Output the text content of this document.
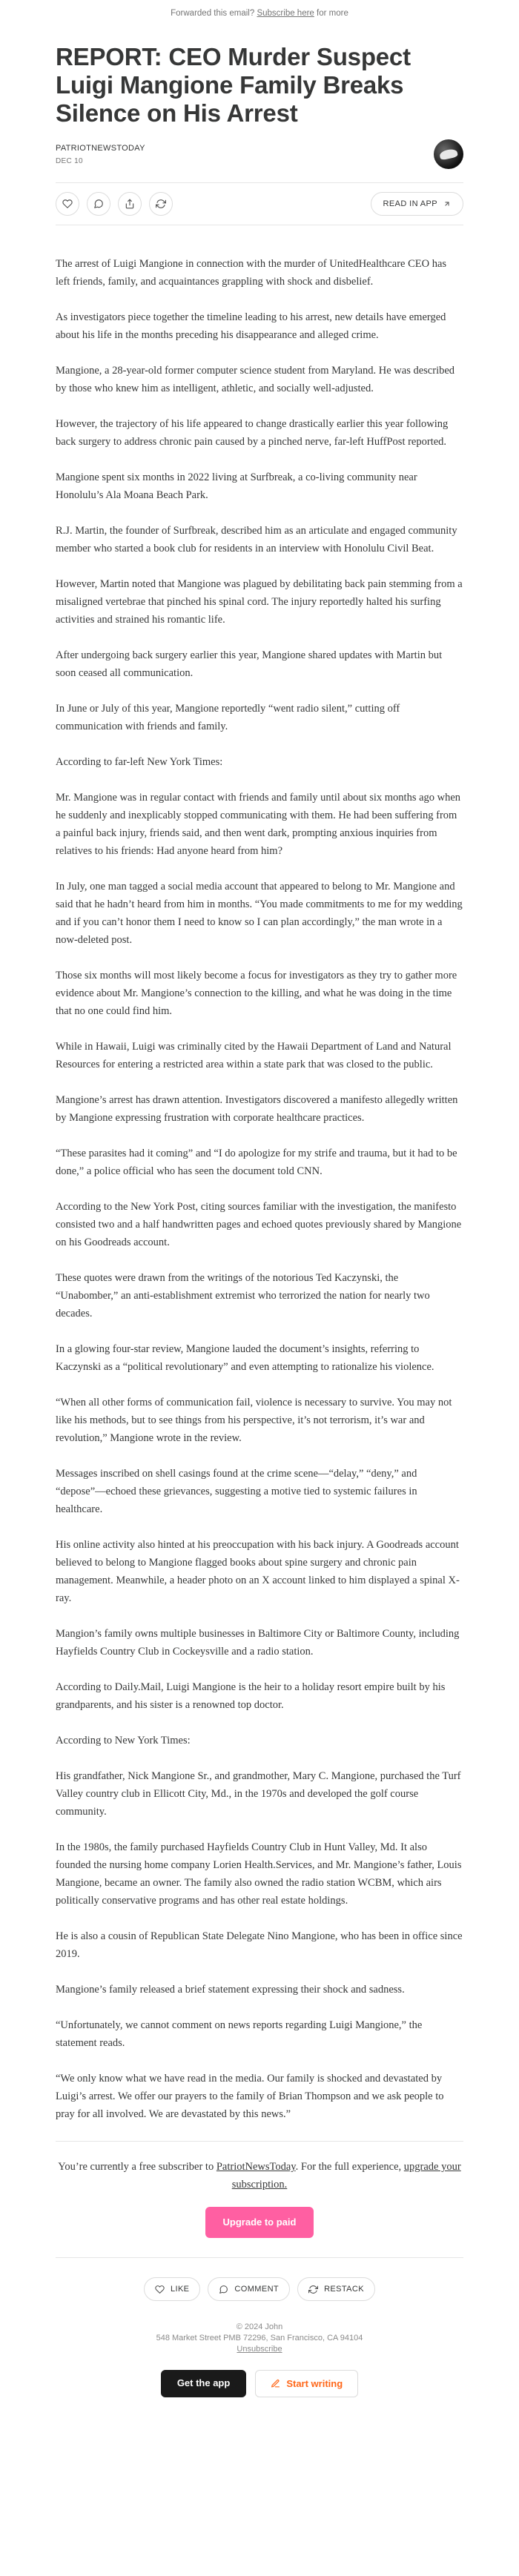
Forwarded this email? Subscribe here for more
REPORT: CEO Murder Suspect Luigi Mangione Family Breaks Silence on His Arrest
PATRIOTNEWSTODAY
DEC 10
READ IN APP

The arrest of Luigi Mangione in connection with the murder of UnitedHealthcare CEO has left friends, family, and acquaintances grappling with shock and disbelief.

As investigators piece together the timeline leading to his arrest, new details have emerged about his life in the months preceding his disappearance and alleged crime.

Mangione, a 28-year-old former computer science student from Maryland. He was described by those who knew him as intelligent, athletic, and socially well-adjusted.

However, the trajectory of his life appeared to change drastically earlier this year following back surgery to address chronic pain caused by a pinched nerve, far-left HuffPost reported.

Mangione spent six months in 2022 living at Surfbreak, a co-living community near Honolulu’s Ala Moana Beach Park.

R.J. Martin, the founder of Surfbreak, described him as an articulate and engaged community member who started a book club for residents in an interview with Honolulu Civil Beat.

However, Martin noted that Mangione was plagued by debilitating back pain stemming from a misaligned vertebrae that pinched his spinal cord. The injury reportedly halted his surfing activities and strained his romantic life.

After undergoing back surgery earlier this year, Mangione shared updates with Martin but soon ceased all communication.

In June or July of this year, Mangione reportedly “went radio silent,” cutting off communication with friends and family.

According to far-left New York Times:

Mr. Mangione was in regular contact with friends and family until about six months ago when he suddenly and inexplicably stopped communicating with them. He had been suffering from a painful back injury, friends said, and then went dark, prompting anxious inquiries from relatives to his friends: Had anyone heard from him?

In July, one man tagged a social media account that appeared to belong to Mr. Mangione and said that he hadn’t heard from him in months. “You made commitments to me for my wedding and if you can’t honor them I need to know so I can plan accordingly,” the man wrote in a now-deleted post.

Those six months will most likely become a focus for investigators as they try to gather more evidence about Mr. Mangione’s connection to the killing, and what he was doing in the time that no one could find him.

While in Hawaii, Luigi was criminally cited by the Hawaii Department of Land and Natural Resources for entering a restricted area within a state park that was closed to the public.

Mangione’s arrest has drawn attention. Investigators discovered a manifesto allegedly written by Mangione expressing frustration with corporate healthcare practices.

“These parasites had it coming” and “I do apologize for my strife and trauma, but it had to be done,” a police official who has seen the document told CNN.

According to the New York Post, citing sources familiar with the investigation, the manifesto consisted two and a half handwritten pages and echoed quotes previously shared by Mangione on his Goodreads account.

These quotes were drawn from the writings of the notorious Ted Kaczynski, the “Unabomber,” an anti-establishment extremist who terrorized the nation for nearly two decades.

In a glowing four-star review, Mangione lauded the document’s insights, referring to Kaczynski as a “political revolutionary” and even attempting to rationalize his violence.

“When all other forms of communication fail, violence is necessary to survive. You may not like his methods, but to see things from his perspective, it’s not terrorism, it’s war and revolution,” Mangione wrote in the review.

Messages inscribed on shell casings found at the crime scene—“delay,” “deny,” and “depose”—echoed these grievances, suggesting a motive tied to systemic failures in healthcare.

His online activity also hinted at his preoccupation with his back injury. A Goodreads account believed to belong to Mangione flagged books about spine surgery and chronic pain management. Meanwhile, a header photo on an X account linked to him displayed a spinal X-ray.

Mangion’s family owns multiple businesses in Baltimore City or Baltimore County, including Hayfields Country Club in Cockeysville and a radio station.

According to Daily.Mail, Luigi Mangione is the heir to a holiday resort empire built by his grandparents, and his sister is a renowned top doctor.

According to New York Times:

His grandfather, Nick Mangione Sr., and grandmother, Mary C. Mangione, purchased the Turf Valley country club in Ellicott City, Md., in the 1970s and developed the golf course community.

In the 1980s, the family purchased Hayfields Country Club in Hunt Valley, Md. It also founded the nursing home company Lorien Health.Services, and Mr. Mangione’s father, Louis Mangione, became an owner. The family also owned the radio station WCBM, which airs politically conservative programs and has other real estate holdings.

He is also a cousin of Republican State Delegate Nino Mangione, who has been in office since 2019.

Mangione’s family released a brief statement expressing their shock and sadness.

“Unfortunately, we cannot comment on news reports regarding Luigi Mangione,” the statement reads.

“We only know what we have read in the media. Our family is shocked and devastated by Luigi’s arrest. We offer our prayers to the family of Brian Thompson and we ask people to pray for all involved. We are devastated by this news.”

You’re currently a free subscriber to PatriotNewsToday. For the full experience, upgrade your subscription.
Upgrade to paid
LIKE	COMMENT	RESTACK
© 2024 John
548 Market Street PMB 72296, San Francisco, CA 94104
Unsubscribe
Get the app	Start writing
